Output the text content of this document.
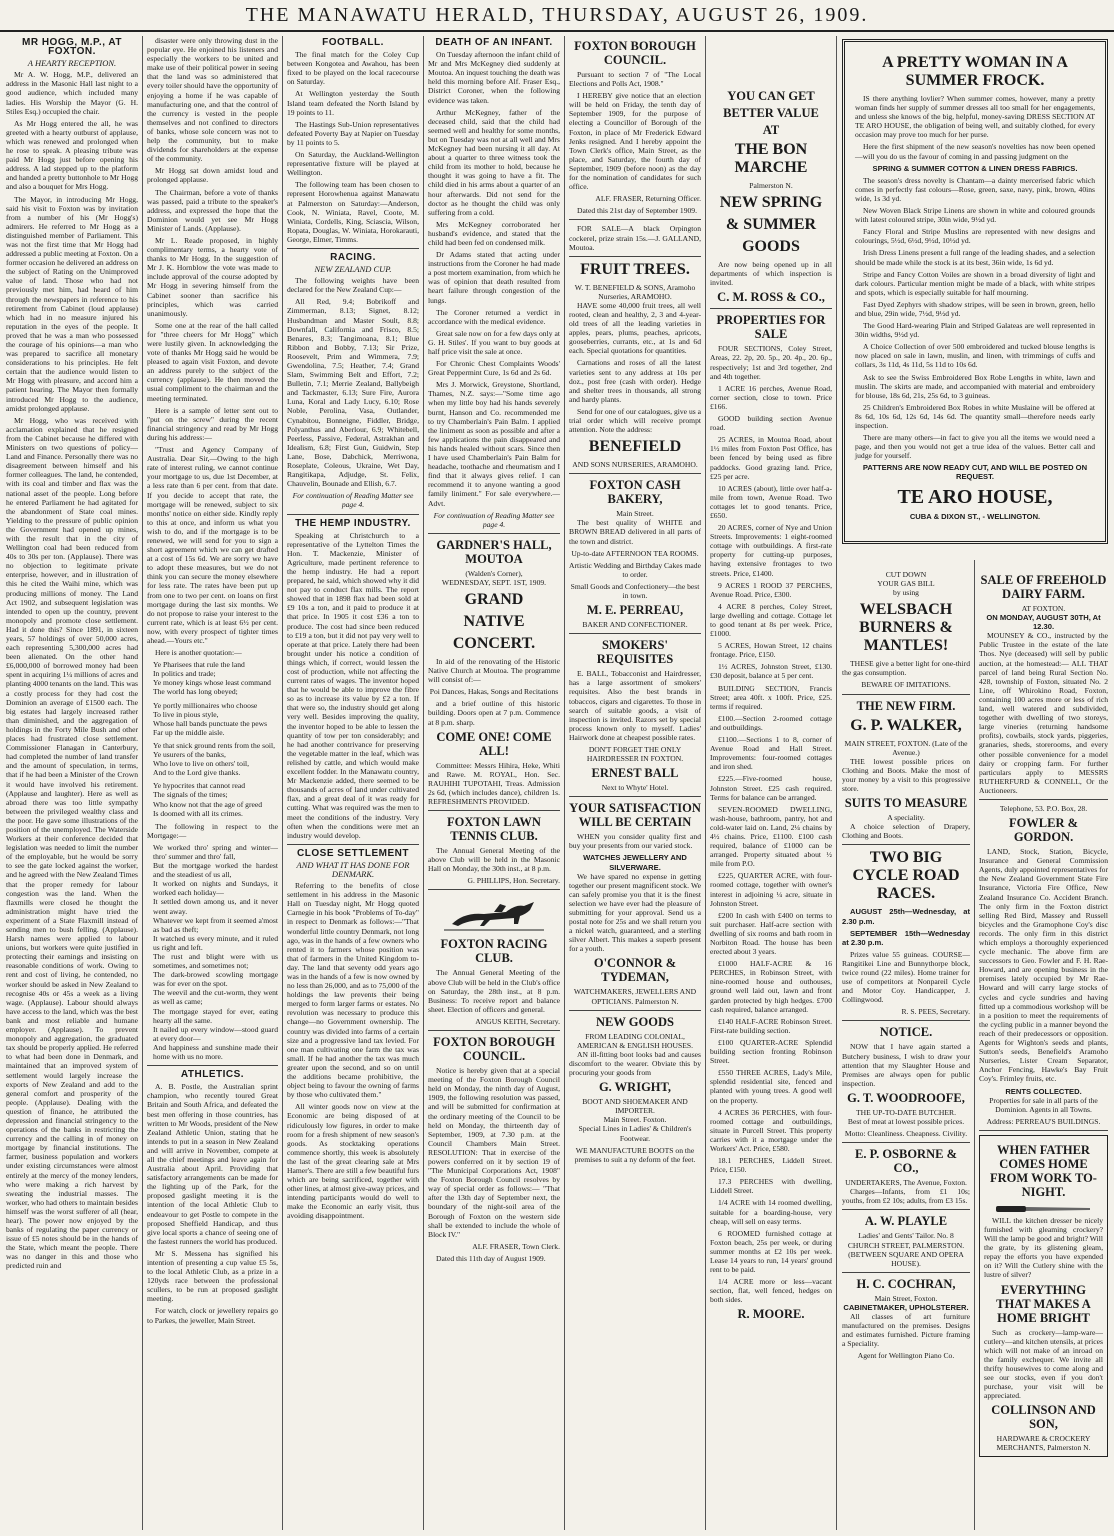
THE MANAWATU HERALD, THURSDAY, AUGUST 26, 1909.
MR HOGG, M.P., AT FOXTON.
A HEARTY RECEPTION.

Mr A. W. Hogg, M.P., delivered an address in the Masonic Hall last night to a good audience, which included many ladies. His Worship the Mayor (G. H. Stiles Esq.) occupied the chair.

As Mr Hogg entered the all, he was greeted with a hearty outburst of applause, which was renewed and prolonged when he rose to speak. A pleasing tribute was paid Mr Hogg just before opening his address. A lad stepped up to the platform and handed a pretty buttonhole to Mr Hogg and also a bouquet for Mrs Hogg.

The Mayor, in introducing Mr Hogg, said his visit to Foxton was by invitation from a number of his (Mr Hogg's) admirers. He referred to Mr Hogg as a distinguished member of Parliament. This was not the first time that Mr Hogg had addressed a public meeting at Foxton. On a former occasion he delivered an address on the subject of Rating on the Unimproved value of land. Those who had not previously met him, had heard of him through the newspapers in reference to his retirement from Cabinet (loud applause) which had in no measure injured his reputation in the eyes of the people. It proved that he was a man who possessed the courage of his opinions—a man who was prepared to sacrifice all monetary considerations to his principles. He felt certain that the audience would listen to Mr Hogg with pleasure, and accord him a patient hearing. The Mayor then formally introduced Mr Hogg to the audience, amidst prolonged applause.

Mr Hogg, who was received with acclamation explained that he resigned from the Cabinet because he differed with Ministers on two questions of policy—Land and Finance. Personally there was no disagreement between himself and his former colleagues. The land, he contended, with its coal and timber and flax was the national asset of the people. Long before he entered Parliament he had agitated for the abandonment of State coal mines. Yielding to the pressure of public opinion the Government had opened up mines, with the result that in the city of Wellington coal had been reduced from 40s to 30s per ton. (Applause). There was no objection to legitimate private enterprise, however, and in illustration of this he cited the Waihi mine, which was producing millions of money. The Land Act 1902, and subsequent legislation was intended to open up the country, prevent monopoly and promote close settlement. Had it done this? Since 1891, in sixteen years, 57 holdings of over 50,000 acres, each representing 5,300,000 acres had been alienated. On the other hand £6,000,000 of borrowed money had been spent in acquiring 1¼ millions of acres and planting 4000 tenants on the land. This was a costly process for they had cost the Dominion an average of £1500 each. The big estates had largely increased rather than diminished, and the aggregation of holdings in the Forty Mile Bush and other places had frustrated close settlement. Commissioner Flanagan in Canterbury, had completed the number of land transfer and the amount of speculation, in terms, that if he had been a Minister of the Crown it would have involved his retirement. (Applause and laughter). Here as well as abroad there was too little sympathy between the privileged wealthy class and the poor. He gave some illustrations of the position of the unemployed. The Waterside Workers at their conference decided that legislation was needed to limit the number of the employable, but he would be sorry to see the gate locked against the worker, and he agreed with the New Zealand Times that the proper remedy for labour congestion was the land. When the flaxmills were closed he thought the administration might have tried the experiment of a State Flaxmill instead of sending men to bush felling. (Applause). Harsh names were applied to labour unions, but workers were quite justified in protecting their earnings and insisting on reasonable conditions of work. Owing to rent and cost of living, he contended, no worker should be asked in New Zealand to recognise 40s or 45s a week as a living wage. (Applause). Labour should always have access to the land, which was the best bank and most reliable and humane employer. (Applause). To prevent monopoly and aggregation, the graduated tax should be properly applied. He referred to what had been done in Denmark, and maintained that an improved system of settlement would largely increase the exports of New Zealand and add to the general comfort and prosperity of the people. (Applause). Dealing with the question of finance, he attributed the depression and financial stringency to the operations of the banks in restricting the currency and the calling in of money on mortgage by financial institutions. The farmer, business population and workers under existing circumstances were almost entirely at the mercy of the money lenders, who were making a rich harvest by sweating the industrial masses. The worker, who had others to maintain besides himself was the worst sufferer of all (hear, hear). The power now enjoyed by the banks of regulating the paper currency or issue of £5 notes should be in the hands of the State, which meant the people. There was no danger in this and those who predicted ruin and

disaster were only throwing dust in the popular eye. He enjoined his listeners and especially the workers to be united and make use of their political power in seeing that the land was so administered that every toiler should have the opportunity of enjoying a home if he was capable of manufacturing one, and that the control of the currency is vested in the people themselves and not confined to directors of banks, whose sole concern was not to help the community, but to make dividends for shareholders at the expense of the community.

Mr Hogg sat down amidst loud and prolonged applause.

The Chairman, before a vote of thanks was passed, paid a tribute to the speaker's address, and expressed the hope that the Dominion would yet see Mr Hogg Minister of Lands. (Applause).

Mr L. Reade proposed, in highly complimentary terms, a hearty vote of thanks to Mr Hogg. In the suggestion of Mr J. K. Hornblow the vote was made to include approval of the course adopted by Mr Hogg in severing himself from the Cabinet sooner than sacrifice his principles, which was carried unanimously.

Some one at the rear of the hall called for "three cheers for Mr Hogg" which were lustily given. In acknowledging the vote of thanks Mr Hogg said he would be pleased to again visit Foxton, and devote an address purely to the subject of the currency (applause). He then moved the usual compliment to the chairman and the meeting terminated.

Here is a sample of letter sent out to "put on the screw" during the recent financial stringency and read by Mr Hogg during his address:—

"Trust and Agency Company of Australia. Dear Sir,—Owing to the high rate of interest ruling, we cannot continue your mortgage to us, due 1st December, at a less rate than 6 per cent. from that date. If you decide to accept that rate, the mortgage will be renewed, subject to six months' notice on either side. Kindly reply to this at once, and inform us what you wish to do, and if the mortgage is to be renewed, we will send for you to sign a short agreement which we can get drafted at a cost of 15s 6d. We are sorry we have to adopt these measures, but we do not think you can secure the money elsewhere for less rate. The rates have been put up from one to two per cent. on loans on first mortgage during the last six months. We do not propose to raise your interest to the current rate, which is at least 6½ per cent. now, with every prospect of tighter times ahead.—Yours etc."

Here is another quotation:—

Ye Pharisees that rule the land
In politics and trade;
Ye money kings whose least command
The world has long obeyed;
Ye portly millionaires who choose
To live in pious style,
Whose hall bands punctuate the pews
Far up the middle aisle.
Ye that snick ground rents from the soil,
Ye usurers of the banks,
Who love to live on others' toil,
And to the Lord give thanks.
Ye hypocrites that cannot read
The signals of the times;
Who know not that the age of greed
Is doomed with all its crimes.

The following in respect to the Mortgage:—

We worked thro' spring and winter—thro' summer and thro' fall,
But the mortgage worked the hardest and the steadiest of us all,
It worked on nights and Sundays, it worked each holiday—
It settled down among us, and it never went away.
Whatever we kept from it seemed a'most as bad as theft;
It watched us every minute, and it ruled us right and left.
The rust and blight were with us sometimes, and sometimes not;
The dark-browed scowling mortgage was for ever on the spot.
The weevil and the cut-worm, they went as well as came;
The mortgage stayed for ever, eating hearty all the same.
It nailed up every window—stood guard at every door—
And happiness and sunshine made their home with us no more.
ATHLETICS.

A. B. Postle, the Australian sprint champion, who recently toured Great Britain and South Africa, and defeated the best men offering in those countries, has written to Mr Woods, president of the New Zealand Athletic Union, stating that he intends to put in a season in New Zealand and will arrive in November, compete at all the chief meetings and leave again for Australia about April. Providing that satisfactory arrangements can be made for the lighting up of the Park, for the proposed gaslight meeting it is the intention of the local Athletic Club to endeavour to get Postle to compete in the proposed Sheffield Handicap, and thus give local sports a chance of seeing one of the fastest runners the world has produced.

Mr S. Messena has signified his intention of presenting a cup value £5 5s, to the local Athletic Club, as a prize in a 120yds race between the professional scullers, to be run at proposed gaslight meeting.

For watch, clock or jewellery repairs go to Parkes, the jeweller, Main Street.

FOOTBALL.

The final match for the Coley Cup between Kongotea and Awahou, has been fixed to be played on the local racecourse on Saturday.

At Wellington yesterday the South Island team defeated the North Island by 19 points to 11.

The Hastings Sub-Union representatives defeated Poverty Bay at Napier on Tuesday by 11 points to 5.

On Saturday, the Auckland-Wellington representative fixture will be played at Wellington.

The following team has been chosen to represent Horowhenua against Manawatu at Palmerston on Saturday:—Anderson, Cook, N. Winiata, Ravel, Coote, M. Winiata, Cordells, King, Sciascia, Wilson, Ropata, Douglas, W. Winiata, Horokarauti, George, Elmer, Timms.

RACING.
NEW ZEALAND CUP.

The following weights have been declared for the New Zealand Cup:—

All Red, 9.4; Bobrikoff and Zimmerman, 8.13; Signet, 8.12; Husbandman and Master Soult, 8.8; Downfall, California and Frisco, 8.5; Benares, 8.3; Tangimoana, 8.1; Blue Ribbon and Bobby, 7.13; Sir Prize, Roosevelt, Prim and Wimmera, 7.9; Gwendolina, 7.5; Heather, 7.4; Grand Slam, Swimming Belt and Effort, 7.2; Bulletin, 7.1; Merrie Zealand, Ballybeigh and Tackmaster, 6.13; Sure Fire, Aurora Luna, Koral and Lady Lucy, 6.10; Rose Noble, Perolina, Vasa, Outlander, Cynabitou, Bonneigne, Fiddler, Bridge, Polyanthus and Aberlour, 6.9; Whitebell, Peerless, Passive, Federal, Astrakhan and Idealism, 6.8; First Gun, Guidwin, Step Lane, Bose, Dabchick, Merriwona, Roseplate, Coleous, Ukraine, Wet Day, Rangitikapa, Adjudge, St. Felix, Chauvelin, Bounade and Ellish, 6.7.

For continuation of Reading Matter see page 4.

THE HEMP INDUSTRY.

Speaking at Christchurch to a representative of the Lyttelton Times the Hon. T. Mackenzie, Minister of Agriculture, made pertinent reference to the hemp industry. He had a report prepared, he said, which showed why it did not pay to conduct flax mills. The report showed that in 1898 flax had been sold at £9 10s a ton, and it paid to produce it at that price. In 1905 it cost £36 a ton to produce. The cost had since been reduced to £19 a ton, but it did not pay very well to operate at that price. Lately there had been brought under his notice a condition of things which, if correct, would lessen the cost of production, while not affecting the current rates of wages. The inventor hoped that he would be able to improve the fibre so as to increase its value by £2 a ton. If that were so, the industry should get along very well. Besides improving the quality, the inventor hoped to be able to lessen the quantity of tow per ton considerably; and he had another contrivance for preserving the vegetable matter in the leaf, which was relished by cattle, and which would make excellent fodder. In the Manawatu country, Mr Mackenzie added, there seemed to be thousands of acres of land under cultivated flax, and a great deal of it was ready for cutting. What was required was the men to meet the conditions of the industry. Very often when the conditions were met an industry would develop.

CLOSE SETTLEMENT
AND WHAT IT HAS DONE FOR DENMARK.

Referring to the benefits of close settlement in his address in the Masonic Hall on Tuesday night, Mr Hogg quoted Carnegie in his book "Problems of To-day" in respect to Denmark as follows:—"That wonderful little country Denmark, not long ago, was in the hands of a few owners who rented it to farmers whose position was that of farmers in the United Kingdom to-day. The land that seventy odd years ago was in the hands of a few is now owned by no less than 26,000, and as to 75,000 of the holdings the law prevents their being merged to form larger farms or estates. No revolution was necessary to produce this change—no Government ownership. The country was divided into farms of a certain size and a progressive land tax levied. For one man cultivating one farm the tax was small. If he had another the tax was much greater upon the second, and so on until the additions became prohibitive, the object being to favour the owning of farms by those who cultivated them."

All winter goods now on view at the Economic are being disposed of at ridiculously low figures, in order to make room for a fresh shipment of new season's goods. As stocktaking operations commence shortly, this week is absolutely the last of the great clearing sale at Mrs Hamer's. There are still a few beautiful furs which are being sacrificed, together with other lines, at almost give-away prices, and intending participants would do well to make the Economic an early visit, thus avoiding disappointment.

DEATH OF AN INFANT.

On Tuesday afternoon the infant child of Mr and Mrs McKegney died suddenly at Moutoa. An inquest touching the death was held this morning before Alf. Fraser Esq., District Coroner, when the following evidence was taken.

Arthur McKegney, father of the deceased child, said that the child had seemed well and healthy for some months, but on Tuesday was not at all well and Mrs McKegney had been nursing it all day. At about a quarter to three witness took the child from its mother to hold, because he thought it was going to have a fit. The child died in his arms about a quarter of an hour afterwards. Did not send for the doctor as he thought the child was only suffering from a cold.

Mrs McKegney corroborated her husband's evidence, and stated that the child had been fed on condensed milk.

Dr Adams stated that acting under instructions from the Coroner he had made a post mortem examination, from which he was of opinion that death resulted from heart failure through congestion of the lungs.

The Coroner returned a verdict in accordance with the medical evidence.

Great sale now on for a few days only at G. H. Stiles'. If you want to buy goods at half price visit the sale at once.

For Chronic Chest Complaints Woods' Great Peppermint Cure, 1s 6d and 2s 6d.

Mrs J. Morwick, Greystone, Shortland, Thames, N.Z. says:—"Some time ago when my little boy had his hands severely burnt, Hanson and Co. recommended me to try Chamberlain's Pain Balm. I applied the liniment as soon as possible and after a few applications the pain disappeared and his hands healed without scars. Since then I have used Chamberlain's Pain Balm for headache, toothache and rheumatism and I find that it always gives relief. I can recommend it to anyone wanting a good family liniment." For sale everywhere.—Advt.

For continuation of Reading Matter see page 4.

GARDNER'S HALL, MOUTOA
(Walden's Corner),
WEDNESDAY, SEPT. 1ST, 1909.
GRAND
NATIVE
CONCERT.

In aid of the renovating of the Historic Native Church at Moutoa. The programme will consist of:—

Poi Dances, Hakas, Songs and Recitations

and a brief outline of this historic building. Doors open at 7 p.m. Commence at 8 p.m. sharp.

COME ONE! COME ALL!

Committee: Messrs Hihira, Heke, Whiti and Rawe. M. ROYAL, Hon. Sec. RAUHIHI TUPOTAHI, Treas. Admission 2s 6d, (which includes dance), children 1s. REFRESHMENTS PROVIDED.

FOXTON LAWN TENNIS CLUB.

The Annual General Meeting of the above Club will be held in the Masonic Hall on Monday, the 30th inst., at 8 p.m.

G. PHILLIPS, Hon. Secretary.

FOXTON RACING CLUB.

The Annual General Meeting of the above Club will be held in the Club's office on Saturday, the 28th inst., at 8 p.m. Business: To receive report and balance sheet. Election of officers and general.

ANGUS KEITH, Secretary.

FOXTON BOROUGH COUNCIL.

Notice is hereby given that at a special meeting of the Foxton Borough Council held on Monday, the ninth day of August, 1909, the following resolution was passed, and will be submitted for confirmation at the ordinary meeting of the Council to be held on Monday, the thirteenth day of September, 1909, at 7.30 p.m. at the Council Chambers Main Street. RESOLUTION: That in exercise of the powers conferred on it by section 19 of "The Municipal Corporations Act, 1908" the Foxton Borough Council resolves by way of special order as follows:— "That after the 13th day of September next, the boundary of the night-soil area of the Borough of Foxton on the western side shall be extended to include the whole of Block IV."

ALF. FRASER, Town Clerk.

Dated this 11th day of August 1909.

FOXTON BOROUGH COUNCIL.

Pursuant to section 7 of "The Local Elections and Polls Act, 1908."

I HEREBY give notice that an election will be held on Friday, the tenth day of September 1909, for the purpose of electing a Councillor of Borough of the Foxton, in place of Mr Frederick Edward Jenks resigned. And I hereby appoint the Town Clerk's office, Main Street, as the place, and Saturday, the fourth day of September, 1909 (before noon) as the day for the nomination of candidates for such office.

ALF. FRASER, Returning Officer.

Dated this 21st day of September 1909.

FOR SALE—A black Orpington cockerel, prize strain 15s.—J. GALLAND, Moutoa.

FRUIT TREES.
W. T. BENEFIELD & SONS, Aramoho Nurseries, ARAMOHO.

HAVE some 40,000 fruit trees, all well rooted, clean and healthy, 2, 3 and 4-year-old trees of all the leading varieties in apples, pears, plums, peaches, apricots, gooseberries, currants, etc., at 1s and 6d each. Special quotations for quantities.

Carnations and roses of all the latest varieties sent to any address at 10s per doz., post free (cash with order). Hedge and shelter trees in thousands, all strong and hardy plants.

Send for one of our catalogues, give us a trial order which will receive prompt attention. Note the address:

BENEFIELD
AND SONS NURSERIES, ARAMOHO.
FOXTON CASH BAKERY,
Main Street.

The best quality of WHITE and BROWN BREAD delivered in all parts of the town and district.

Up-to-date AFTERNOON TEA ROOMS.

Artistic Wedding and Birthday Cakes made to order.

Small Goods and Confectionery—the best in town.

M. E. PERREAU,
BAKER AND CONFECTIONER.
SMOKERS' REQUISITES

E. BALL, Tobacconist and Hairdresser, has a large assortment of smokers' requisites. Also the best brands in tobaccos, cigars and cigarettes. To those in search of suitable goods, a visit of inspection is invited. Razors set by special process known only to myself. Ladies' Hairwork done at cheapest possible rates.

DON'T FORGET THE ONLY HAIRDRESSER IN FOXTON.

ERNEST BALL
Next to Whyte' Hotel.
YOUR SATISFACTION WILL BE CERTAIN

WHEN you consider quality first and buy your presents from our varied stock.

WATCHES JEWELLERY AND SILVERWARE.

We have spared no expense in getting together our present magnificent stock. We can safely promise you that it is the finest selection we have ever had the pleasure of submitting for your approval. Send us a postal note for 25s and we shall return you a nickel watch, guaranteed, and a sterling silver Albert. This makes a superb present for a youth.

O'CONNOR & TYDEMAN,
WATCHMAKERS, JEWELLERS AND OPTICIANS. Palmerston N.
NEW GOODS
FROM LEADING COLONIAL, AMERICAN & ENGLISH HOUSES.

AN ill-fitting boot looks bad and causes discomfort to the wearer. Obviate this by procuring your goods from

G. WRIGHT,
BOOT AND SHOEMAKER AND IMPORTER.
Main Street. Foxton.

Special Lines in Ladies' & Children's Footwear.

WE MANUFACTURE BOOTS on the premises to suit a ny deform of the feet.

YOU CAN GET
BETTER VALUE
AT
THE BON MARCHE
Palmerston N.
NEW SPRING
& SUMMER
GOODS

Are now being opened up in all departments of which inspection is invited.

C. M. ROSS & CO.,
PROPERTIES FOR SALE

FOUR SECTIONS, Coley Street, Areas, 22. 2p, 20. 5p., 20. 4p., 20. 6p., respectively; 1st and 3rd together, 2nd and 4th together.

1 ACRE 16 perches, Avenue Road, corner section, close to town. Price £166.

GOOD building section Avenue road.

25 ACRES, in Moutoa Road, about 1½ miles from Foxton Post Office, has been fenced by being used as fibre paddocks. Good grazing land. Price, £25 per acre.

10 ACRES (about), little over half-a-mile from town, Avenue Road. Two cottages let to good tenants. Price, £650.

20 ACRES, corner of Nye and Union Streets. Improvements: 1 eight-roomed cottage with outbuildings. A first-rate property for cutting-up purposes, having extensive frontages to two streets. Price, £1400.

9 ACRES 1 ROOD 37 PERCHES, Avenue Road. Price, £300.

4 ACRE 8 perches, Coley Street, large dwelling and cottage. Cottage let to good tenant at 8s per week. Price, £1000.

5 ACRES, Howan Street, 12 chains frontage. Price, £150.

1½ ACRES, Johnston Street, £130. £30 deposit, balance at 5 per cent.

BUILDING SECTION, Francis Street; area 40ft. x 100ft. Price, £25. terms if required.

£100.—Section 2-roomed cottage and outbuildings.

£1100.—Sections 1 to 8, corner of Avenue Road and Hall Street. Improvements: four-roomed cottages and iron shed.

£225.—Five-roomed house, Johnston Street. £25 cash required. Terms for balance can be arranged.

SEVEN-ROOMED DWELLING, wash-house, bathroom, pantry, hot and cold-water laid on. Land, 2¼ chains by 4½ chains. Price, £1100. £100 cash required, balance of £1000 can be arranged. Property situated about ½ mile from P.O.

£225, QUARTER ACRE, with four-roomed cottage, together with owner's interest in adjoining ¼ acre, situate in Johnston Street.

£200 In cash with £400 on terms to suit purchaser. Half-acre section with dwelling of six rooms and bath room in Norbiton Road. The house has been erected about 3 years.

£1000 HALF-ACRE & 16 PERCHES, in Robinson Street, with nine-roomed house and outhouses, ground well laid out, lawn and front garden protected by high hedges. £700 cash required, balance arranged.

£140 HALF-ACRE Robinson Street. First-rate building section.

£100 QUARTER-ACRE Splendid building section fronting Robinson Street.

£550 THREE ACRES, Lady's Mile, splendid residential site, fenced and planted with young trees. A good well on the property.

4 ACRES 36 PERCHES, with four-roomed cottage and outbuildings, situate in Purcell Street. This property carries with it a mortgage under the Workers' Act. Price, £580.

18.1 PERCHES, Liddell Street. Price, £150.

17.3 PERCHES with dwelling, Liddell Street.

1/4 ACRE with 14 roomed dwelling, suitable for a boarding-house, very cheap, will sell on easy terms.

6 ROOMED furnished cottage at Foxton beach, 25s per week, or during summer months at £2 10s per week. Lease 14 years to run, 14 years' ground rent to be paid.

1/4 ACRE more or less—vacant section, flat, well fenced, hedges on both sides.

R. MOORE.
A PRETTY WOMAN IN A SUMMER FROCK.

IS there anything lovlier? When summer comes, however, many a pretty woman finds her supply of summer dresses all too small for her engagements, and unless she knows of the big, helpful, money-saving DRESS SECTION AT TE ARO HOUSE, the obligation of being well, and suitably clothed, for every occasion may prove too much for her purse.

Here the first shipment of the new season's novelties has now been opened—will you do us the favour of coming in and passing judgment on the

SPRING & SUMMER COTTON & LINEN DRESS FABRICS.

The season's dress novelty is Chantam—a dainty mercerised fabric which comes in perfectly fast colours—Rose, green, saxe, navy, pink, brown, 40ins wide, 1s 3d yd.

New Woven Black Stripe Linens are shown in white and coloured grounds with latest coloured stripe, 30in wide, 9½d yd.

Fancy Floral and Stripe Muslins are represented with new designs and colourings, 5½d, 6½d, 9½d, 10½d yd.

Irish Dress Linens present a full range of the leading shades, and a selection should be made while the stock is at its best, 36in wide, 1s 6d yd.

Stripe and Fancy Cotton Voiles are shown in a broad diversity of light and dark colours. Particular mention might be made of a black, with white stripes and spots, which is especially suitable for half mourning.

Fast Dyed Zephyrs with shadow stripes, will be seen in brown, green, hello and blue, 29in wide, 7½d, 9½d yd.

The Good Hard-wearing Plain and Striped Galateas are well represented in 30in widths, 9½d yd.

A Choice Collection of over 500 embroidered and tucked blouse lengths is now placed on sale in lawn, muslin, and linen, with trimmings of cuffs and collars, 3s 11d, 4s 11d, 5s 11d to 10s 6d.

Ask to see the Swiss Embroidered Box Robe Lengths in white, lawn and muslin. The skirts are made, and accompanied with material and embroidery for blouse, 18s 6d, 21s, 25s 6d, to 3 guineas.

25 Children's Embroidered Box Robes in white Muslaine will be offered at 8s 6d, 10s 6d, 12s 6d, 14s 6d. The quantity small—therefore needs early inspection.

There are many others—in fact to give you all the items we would need a page, and then you would not get a true idea of the values. Better call and judge for yourself.

PATTERNS ARE NOW READY CUT, AND WILL BE POSTED ON REQUEST.

TE ARO HOUSE,
CUBA & DIXON ST., - WELLINGTON.
CUT DOWN
YOUR GAS BILL
by using
WELSBACH BURNERS & MANTLES!

THESE give a better light for one-third the gas consumption.

BEWARE OF IMITATIONS.

THE NEW FIRM.
G. P. WALKER,
MAIN STREET, FOXTON. (Late of the Avenue.)

THE lowest possible prices on Clothing and Boots. Make the most of your money by a visit to this progressive store.

SUITS TO MEASURE
A speciality.

A choice selection of Drapery, Clothing and Boots.

TWO BIG CYCLE ROAD RACES.

AUGUST 25th—Wednesday, at 2.30 p.m.

SEPTEMBER 15th—Wednesday at 2.30 p.m.

Prizes value 55 guineas. COURSE—Rangitikei Line and Bunnythorpe block, twice round (22 miles). Home trainer for use of competitors at Nonpareil Cycle and Motor Coy. Handicapper, J. Collingwood.

R. S. PEES, Secretary.

NOTICE.

NOW that I have again started a Butchery business, I wish to draw your attention that my Slaughter House and Premises are always open for public inspection.

G. T. WOODROOFE,
THE UP-TO-DATE BUTCHER.

Best of meat at lowest possible prices.

Motto: Cleanliness. Cheapness. Civility.

E. P. OSBORNE & CO.,
UNDERTAKERS, The Avenue, Foxton.

Charges—Infants, from £1 10s; youths, from £2 10s; adults, from £3 15s.

A. W. PLAYLE
Ladies' and Gents' Tailor. No. 8 CHURCH STREET, PALMERSTON. (BETWEEN SQUARE AND OPERA HOUSE).
H. C. COCHRAN,
Main Street, Foxton.
CABINETMAKER, UPHOLSTERER.

All classes of art furniture manufactured on the premises. Designs and estimates furnished. Picture framing a Speciality.

Agent for Wellington Piano Co.

SALE OF FREEHOLD DAIRY FARM.
AT FOXTON.
ON MONDAY, AUGUST 30TH, At 12.30.

MOUNSEY & CO., instructed by the Public Trustee in the estate of the late Thos. Nye (deceased) will sell by public auction, at the homestead:— ALL THAT parcel of land being Rural Section No. 428, township of Foxton, situated No. 2 Line, off Whirokino Road, Foxton, containing 100 acres more or less of rich land, well watered and subdivided, together with dwelling of two storeys, large vineries (returning handsome profits), cowbails, stock yards, piggeries, granaries, sheds, storerooms, and every other possible convenience for a model dairy or cropping farm. For further particulars apply to MESSRS RUTHERFURD & CONNELL, Or the Auctioneers.

Telephone, 53. P.O. Box, 28.

FOWLER & GORDON.

LAND, Stock, Station, Bicycle, Insurance and General Commission Agents, duly appointed representatives for the New Zealand Government State Fire Insurance, Victoria Fire Office, New Zealand Insurance Co. Accident Branch. The only firm in the Foxton district selling Red Bird, Massey and Russell bicycles and the Gramophone Coy's disc records. The only firm in this district which employs a thoroughly experienced cycle mechanic. The above firm are successors to Geo. Fowler and F. H. Rae-Howard, and are opening business in the premises lately occupied by Mr Rae-Howard and will carry large stocks of cycles and cycle sundries and having fitted up a commodious workshop will be in a position to meet the requirements of the cycling public in a manner beyond the reach of their predecessors or opposition. Agents for Wighton's seeds and plants, Sutton's seeds, Benefield's Aramoho Nurseries, Lister Cream Separator, Anchor Fencing, Hawke's Bay Fruit Coy's. Frimley fruits, etc.

RENTS COLLECTED.

Properties for sale in all parts of the Dominion. Agents in all Towns.

Address: PERREAU'S BUILDINGS.

WHEN FATHER COMES HOME FROM WORK TO-NIGHT.

WILL the kitchen dresser be nicely furnished with gleaming crockery? Will the lamp be good and bright? Will the grate, by its glistening gleam, repay the efforts you have expended on it? Will the Cutlery shine with the lustre of silver?

EVERYTHING THAT MAKES A HOME BRIGHT

Such as crockery—lamp-ware—cutlery—and kitchen utensils, at prices which will not make of an inroad on the family exchequer. We invite all thrifty housewives to come along and see our stocks, even if you don't purchase, your visit will be appreciated.

COLLINSON AND SON,
HARDWARE & CROCKERY MERCHANTS, Palmerston N.
